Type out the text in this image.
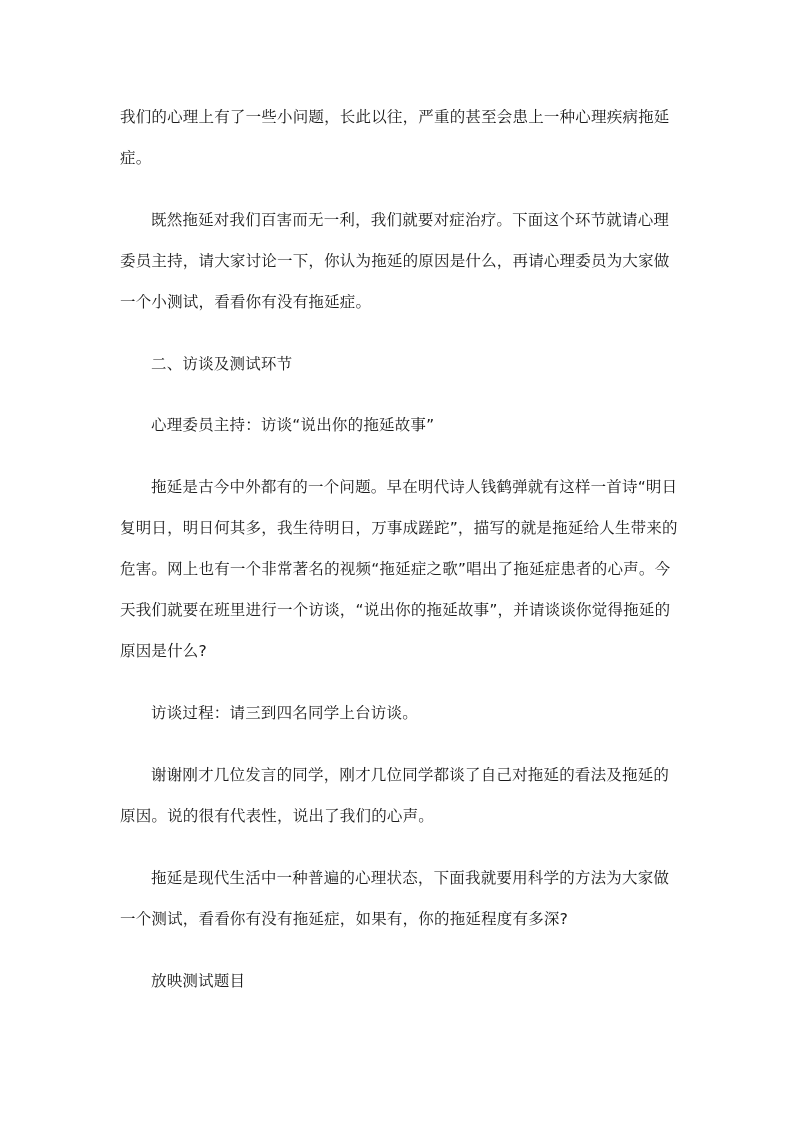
我们的心理上有了一些小问题，长此以往，严重的甚至会患上一种心理疾病拖延症。

既然拖延对我们百害而无一利，我们就要对症治疗。下面这个环节就请心理委员主持，请大家讨论一下，你认为拖延的原因是什么，再请心理委员为大家做一个小测试，看看你有没有拖延症。

二、访谈及测试环节

心理委员主持：访谈“说出你的拖延故事”

拖延是古今中外都有的一个问题。早在明代诗人钱鹤弹就有这样一首诗“明日复明日，明日何其多，我生待明日，万事成蹉跎”，描写的就是拖延给人生带来的危害。网上也有一个非常著名的视频“拖延症之歌”唱出了拖延症患者的心声。今天我们就要在班里进行一个访谈，“说出你的拖延故事”，并请谈谈你觉得拖延的原因是什么?

访谈过程：请三到四名同学上台访谈。

谢谢刚才几位发言的同学，刚才几位同学都谈了自己对拖延的看法及拖延的原因。说的很有代表性，说出了我们的心声。

拖延是现代生活中一种普遍的心理状态，下面我就要用科学的方法为大家做一个测试，看看你有没有拖延症，如果有，你的拖延程度有多深?

放映测试题目
